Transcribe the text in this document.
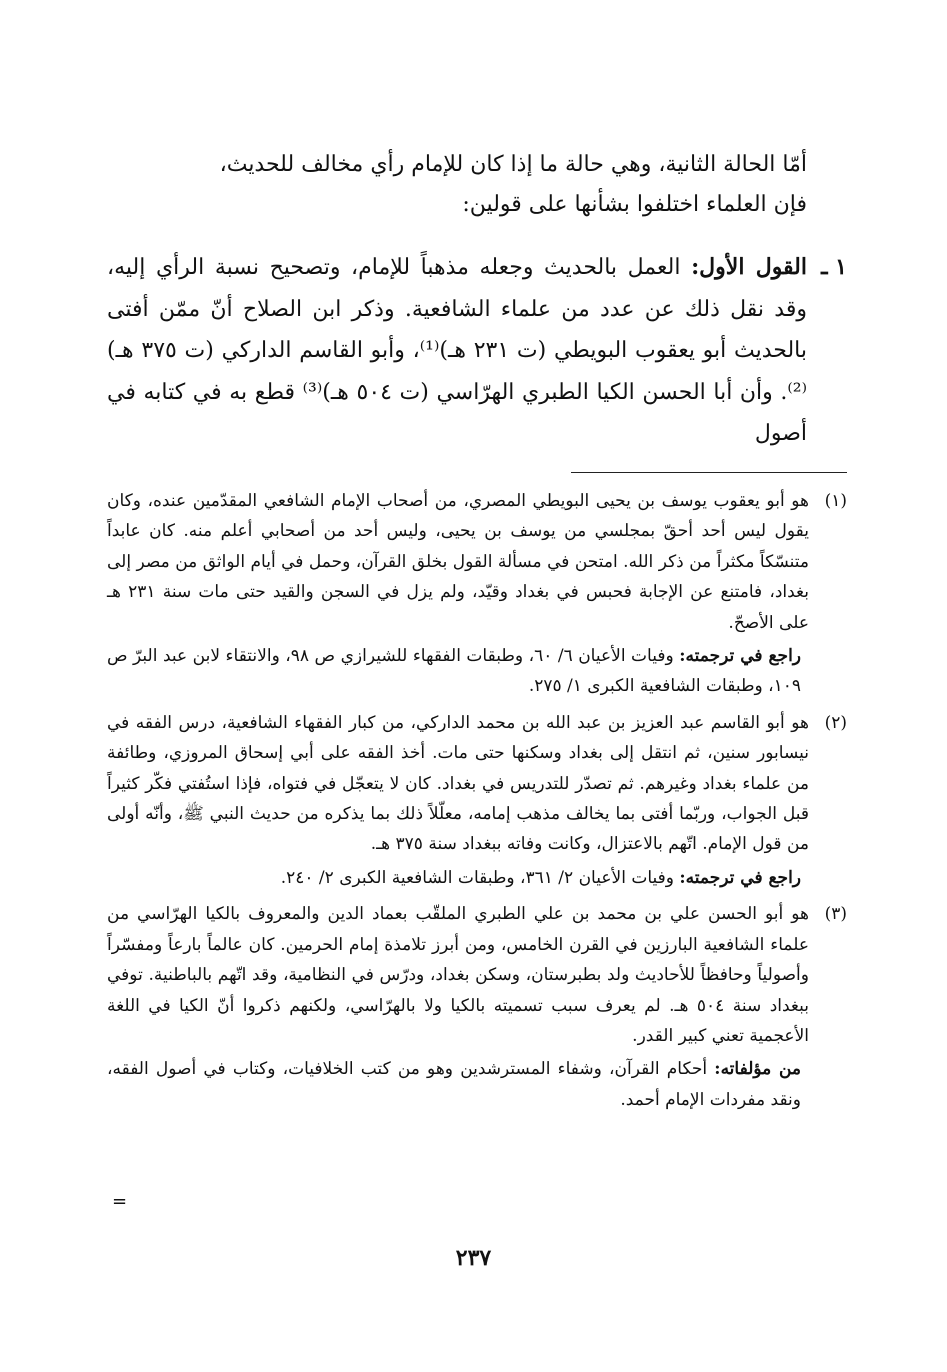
أمّا الحالة الثانية، وهي حالة ما إذا كان للإمام رأي مخالف للحديث،

فإن العلماء اختلفوا بشأنها على قولين:

١ ـ

القول الأول: العمل بالحديث وجعله مذهباً للإمام، وتصحيح نسبة الرأي إليه، وقد نقل ذلك عن عدد من علماء الشافعية. وذكر ابن الصلاح أنّ ممّن أفتى بالحديث أبو يعقوب البويطي (ت ٢٣١ هـ)⁽¹⁾، وأبو القاسم الداركي (ت ٣٧٥ هـ)⁽²⁾. وأن أبا الحسن الكيا الطبري الهرّاسي (ت ٥٠٤ هـ)⁽³⁾ قطع به في كتابه في أصول

(١)

هو أبو يعقوب يوسف بن يحيى البويطي المصري، من أصحاب الإمام الشافعي المقدّمين عنده، وكان يقول ليس أحد أحقّ بمجلسي من يوسف بن يحيى، وليس أحد من أصحابي أعلم منه. كان عابداً متنسّكاً مكثراً من ذكر الله. امتحن في مسألة القول بخلق القرآن، وحمل في أيام الواثق من مصر إلى بغداد، فامتنع عن الإجابة فحبس في بغداد وقيّد، ولم يزل في السجن والقيد حتى مات سنة ٢٣١ هـ على الأصحّ.

راجع في ترجمته: وفيات الأعيان ٦/ ٦٠، وطبقات الفقهاء للشيرازي ص ٩٨، والانتقاء لابن عبد البرّ ص ١٠٩، وطبقات الشافعية الكبرى ١/ ٢٧٥.

(٢)

هو أبو القاسم عبد العزيز بن عبد الله بن محمد الداركي، من كبار الفقهاء الشافعية، درس الفقه في نيسابور سنين، ثم انتقل إلى بغداد وسكنها حتى مات. أخذ الفقه على أبي إسحاق المروزي، وطائفة من علماء بغداد وغيرهم. ثم تصدّر للتدريس في بغداد. كان لا يتعجّل في فتواه، فإذا استُفتي فكّر كثيراً قبل الجواب، وربّما أفتى بما يخالف مذهب إمامه، معلّلاً ذلك بما يذكره من حديث النبي ﷺ، وأنّه أولى من قول الإمام. اتّهم بالاعتزال، وكانت وفاته ببغداد سنة ٣٧٥ هـ.

راجع في ترجمته: وفيات الأعيان ٢/ ٣٦١، وطبقات الشافعية الكبرى ٢/ ٢٤٠.

(٣)

هو أبو الحسن علي بن محمد بن علي الطبري الملقّب بعماد الدين والمعروف بالكيا الهرّاسي من علماء الشافعية البارزين في القرن الخامس، ومن أبرز تلامذة إمام الحرمين. كان عالماً بارعاً ومفسّراً وأصولياً وحافظاً للأحاديث ولد بطبرستان، وسكن بغداد، ودرّس في النظامية، وقد اتّهم بالباطنية. توفي ببغداد سنة ٥٠٤ هـ. لم يعرف سبب تسميته بالكيا ولا بالهرّاسي، ولكنهم ذكروا أنّ الكيا في اللغة الأعجمية تعني كبير القدر.

من مؤلفاته: أحكام القرآن، وشفاء المسترشدين وهو من كتب الخلافيات، وكتاب في أصول الفقه، ونقد مفردات الإمام أحمد.

=
٢٣٧
